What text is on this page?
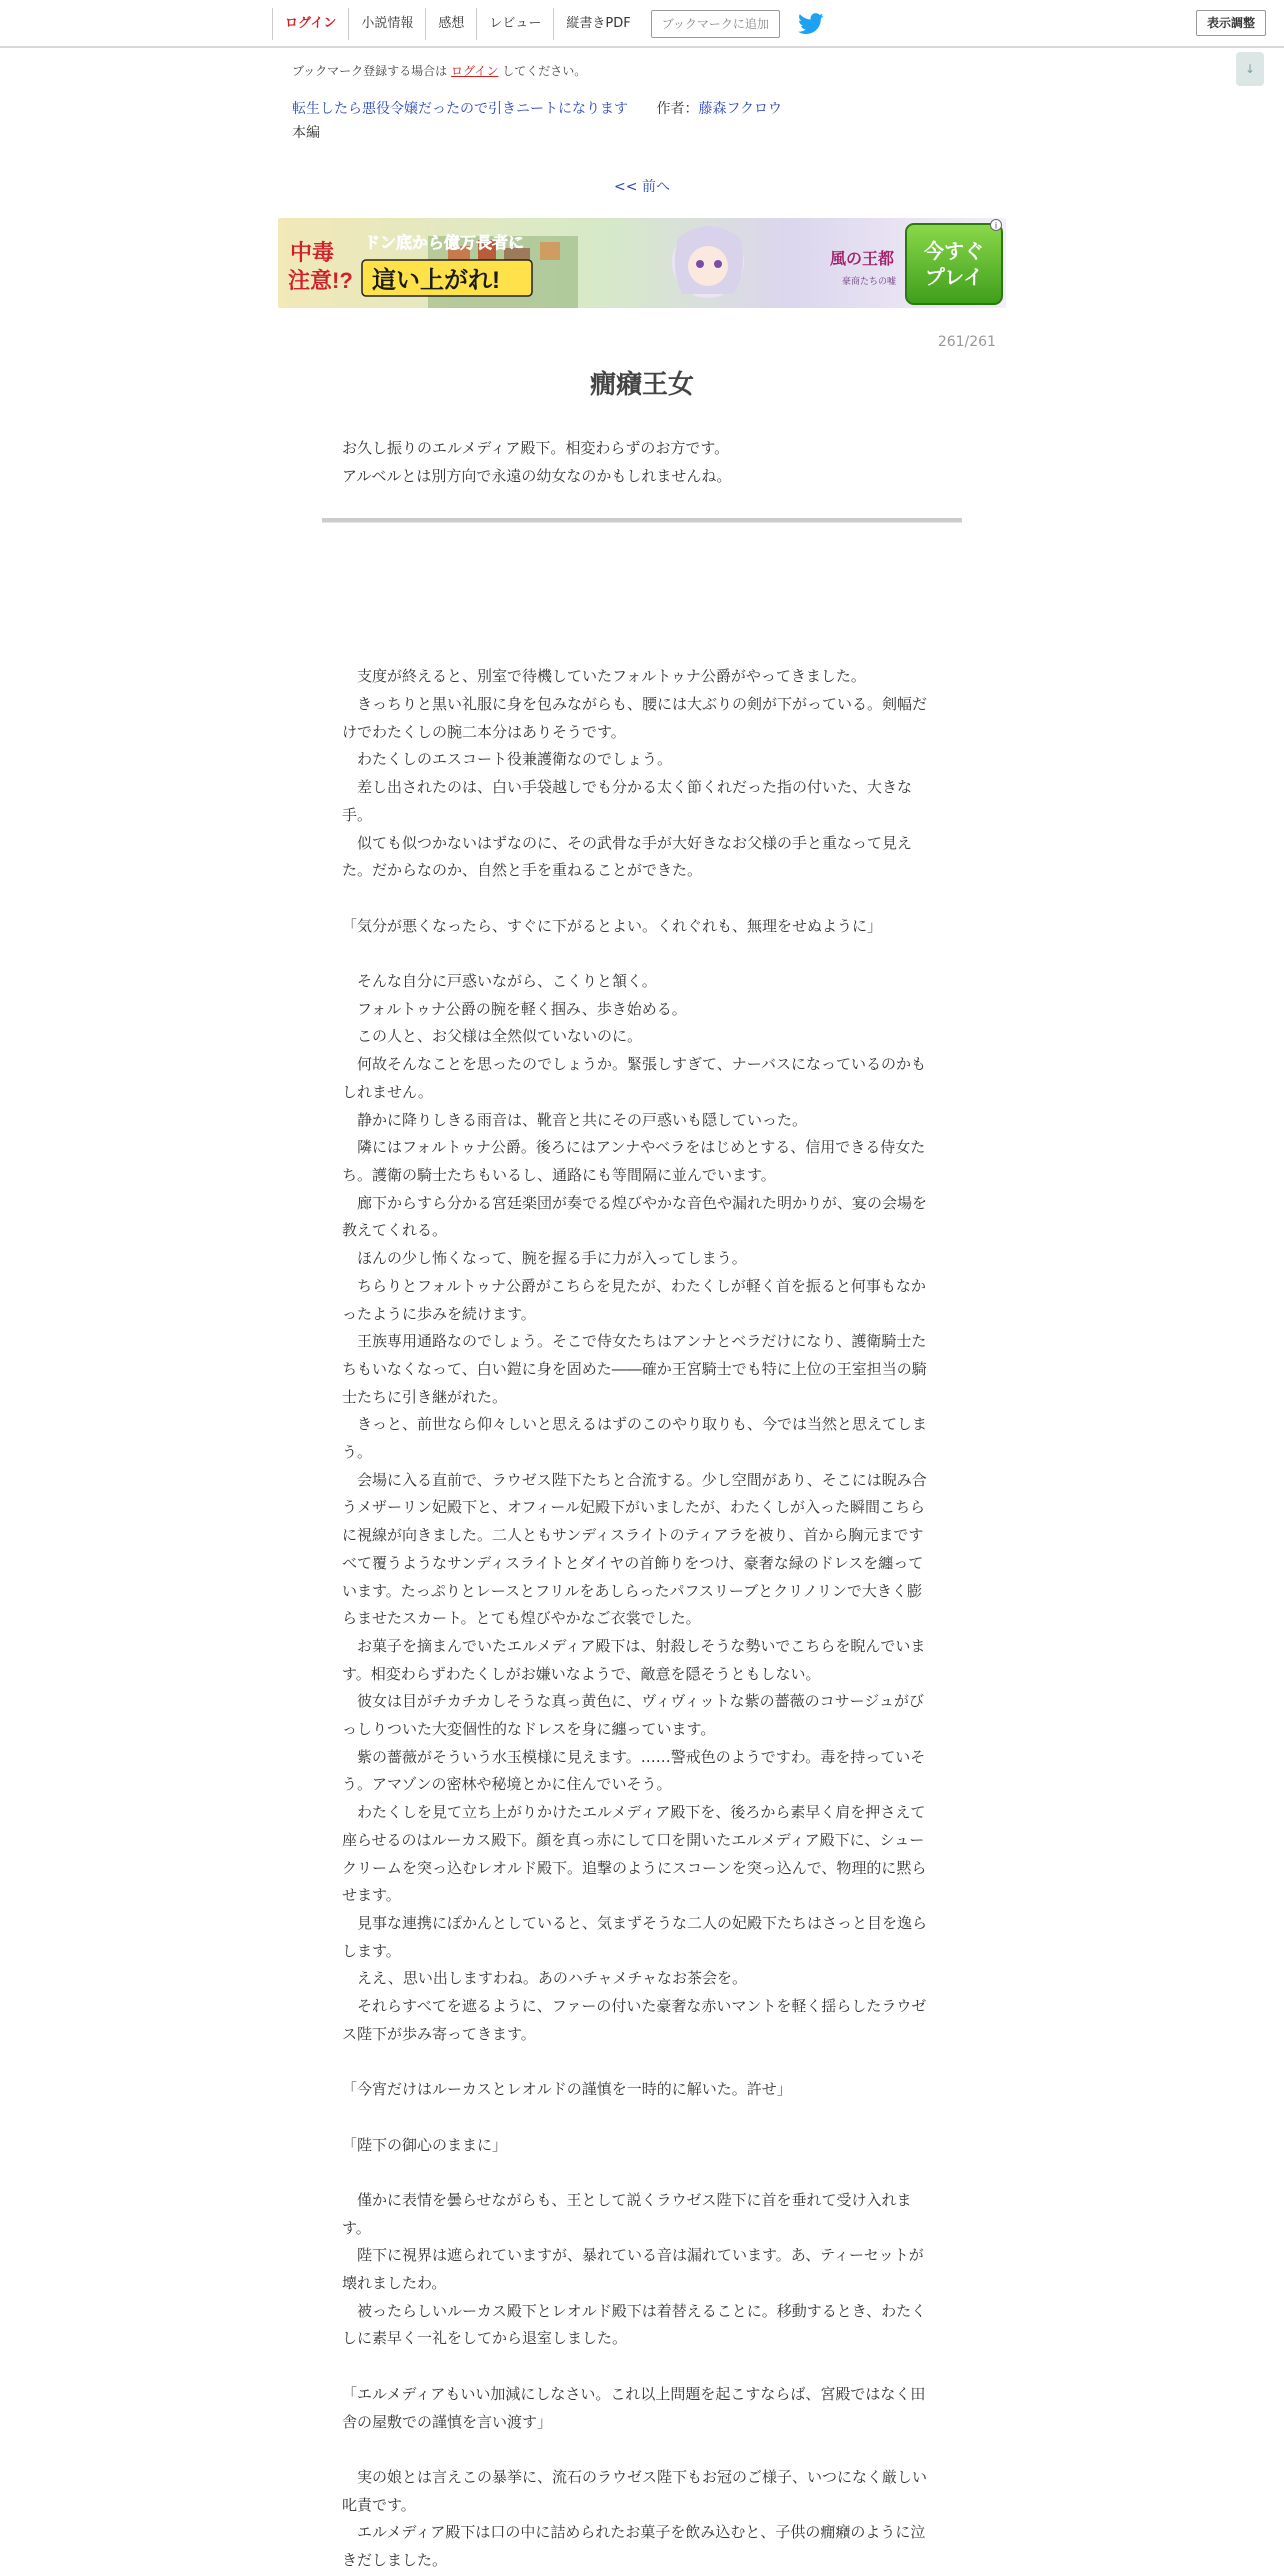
ログイン	小説情報	感想	レビュー	縦書きPDF	ブックマークに追加	表示調整
↓
ブックマーク登録する場合は ログイン してください。
転生したら悪役令嬢だったので引きニートになります 作者：藤森フクロウ
本編
<< 前へ
中毒
注意!?
ドン底から億万長者に
這い上がれ!
風の王都
豪商たちの嘘
今すぐ
プレイ
i
261/261
癇癪王女

お久し振りのエルメディア殿下。相変わらずのお方です。

アルベルとは別方向で永遠の幼女なのかもしれませんね。

　支度が終えると、別室で待機していたフォルトゥナ公爵がやってきました。

　きっちりと黒い礼服に身を包みながらも、腰には大ぶりの剣が下がっている。剣幅だけでわたくしの腕二本分はありそうです。

　わたくしのエスコート役兼護衛なのでしょう。

　差し出されたのは、白い手袋越しでも分かる太く節くれだった指の付いた、大きな手。

　似ても似つかないはずなのに、その武骨な手が大好きなお父様の手と重なって見えた。だからなのか、自然と手を重ねることができた。

「気分が悪くなったら、すぐに下がるとよい。くれぐれも、無理をせぬように」

　そんな自分に戸惑いながら、こくりと頷く。

　フォルトゥナ公爵の腕を軽く掴み、歩き始める。

　この人と、お父様は全然似ていないのに。

　何故そんなことを思ったのでしょうか。緊張しすぎて、ナーバスになっているのかもしれません。

　静かに降りしきる雨音は、靴音と共にその戸惑いも隠していった。

　隣にはフォルトゥナ公爵。後ろにはアンナやベラをはじめとする、信用できる侍女たち。護衛の騎士たちもいるし、通路にも等間隔に並んでいます。

　廊下からすら分かる宮廷楽団が奏でる煌びやかな音色や漏れた明かりが、宴の会場を教えてくれる。

　ほんの少し怖くなって、腕を握る手に力が入ってしまう。

　ちらりとフォルトゥナ公爵がこちらを見たが、わたくしが軽く首を振ると何事もなかったように歩みを続けます。

　王族専用通路なのでしょう。そこで侍女たちはアンナとベラだけになり、護衛騎士たちもいなくなって、白い鎧に身を固めた――確か王宮騎士でも特に上位の王室担当の騎士たちに引き継がれた。

　きっと、前世なら仰々しいと思えるはずのこのやり取りも、今では当然と思えてしまう。

　会場に入る直前で、ラウゼス陛下たちと合流する。少し空間があり、そこには睨み合うメザーリン妃殿下と、オフィール妃殿下がいましたが、わたくしが入った瞬間こちらに視線が向きました。二人ともサンディスライトのティアラを被り、首から胸元まですべて覆うようなサンディスライトとダイヤの首飾りをつけ、豪奢な緑のドレスを纏っています。たっぷりとレースとフリルをあしらったパフスリーブとクリノリンで大きく膨らませたスカート。とても煌びやかなご衣裳でした。

　お菓子を摘まんでいたエルメディア殿下は、射殺しそうな勢いでこちらを睨んでいます。相変わらずわたくしがお嫌いなようで、敵意を隠そうともしない。

　彼女は目がチカチカしそうな真っ黄色に、ヴィヴィットな紫の薔薇のコサージュがびっしりついた大変個性的なドレスを身に纏っています。

　紫の薔薇がそういう水玉模様に見えます。……警戒色のようですわ。毒を持っていそう。アマゾンの密林や秘境とかに住んでいそう。

　わたくしを見て立ち上がりかけたエルメディア殿下を、後ろから素早く肩を押さえて座らせるのはルーカス殿下。顔を真っ赤にして口を開いたエルメディア殿下に、シュークリームを突っ込むレオルド殿下。追撃のようにスコーンを突っ込んで、物理的に黙らせます。

　見事な連携にぽかんとしていると、気まずそうな二人の妃殿下たちはさっと目を逸らします。

　ええ、思い出しますわね。あのハチャメチャなお茶会を。

　それらすべてを遮るように、ファーの付いた豪奢な赤いマントを軽く揺らしたラウゼス陛下が歩み寄ってきます。

「今宵だけはルーカスとレオルドの謹慎を一時的に解いた。許せ」

「陛下の御心のままに」

　僅かに表情を曇らせながらも、王として説くラウゼス陛下に首を垂れて受け入れます。

　陛下に視界は遮られていますが、暴れている音は漏れています。あ、ティーセットが壊れましたわ。

　被ったらしいルーカス殿下とレオルド殿下は着替えることに。移動するとき、わたくしに素早く一礼をしてから退室しました。

「エルメディアもいい加減にしなさい。これ以上問題を起こすならば、宮殿ではなく田舎の屋敷での謹慎を言い渡す」

　実の娘とは言えこの暴挙に、流石のラウゼス陛下もお冠のご様子、いつになく厳しい叱責です。

　エルメディア殿下は口の中に詰められたお菓子を飲み込むと、子供の癇癪のように泣きだしました。
